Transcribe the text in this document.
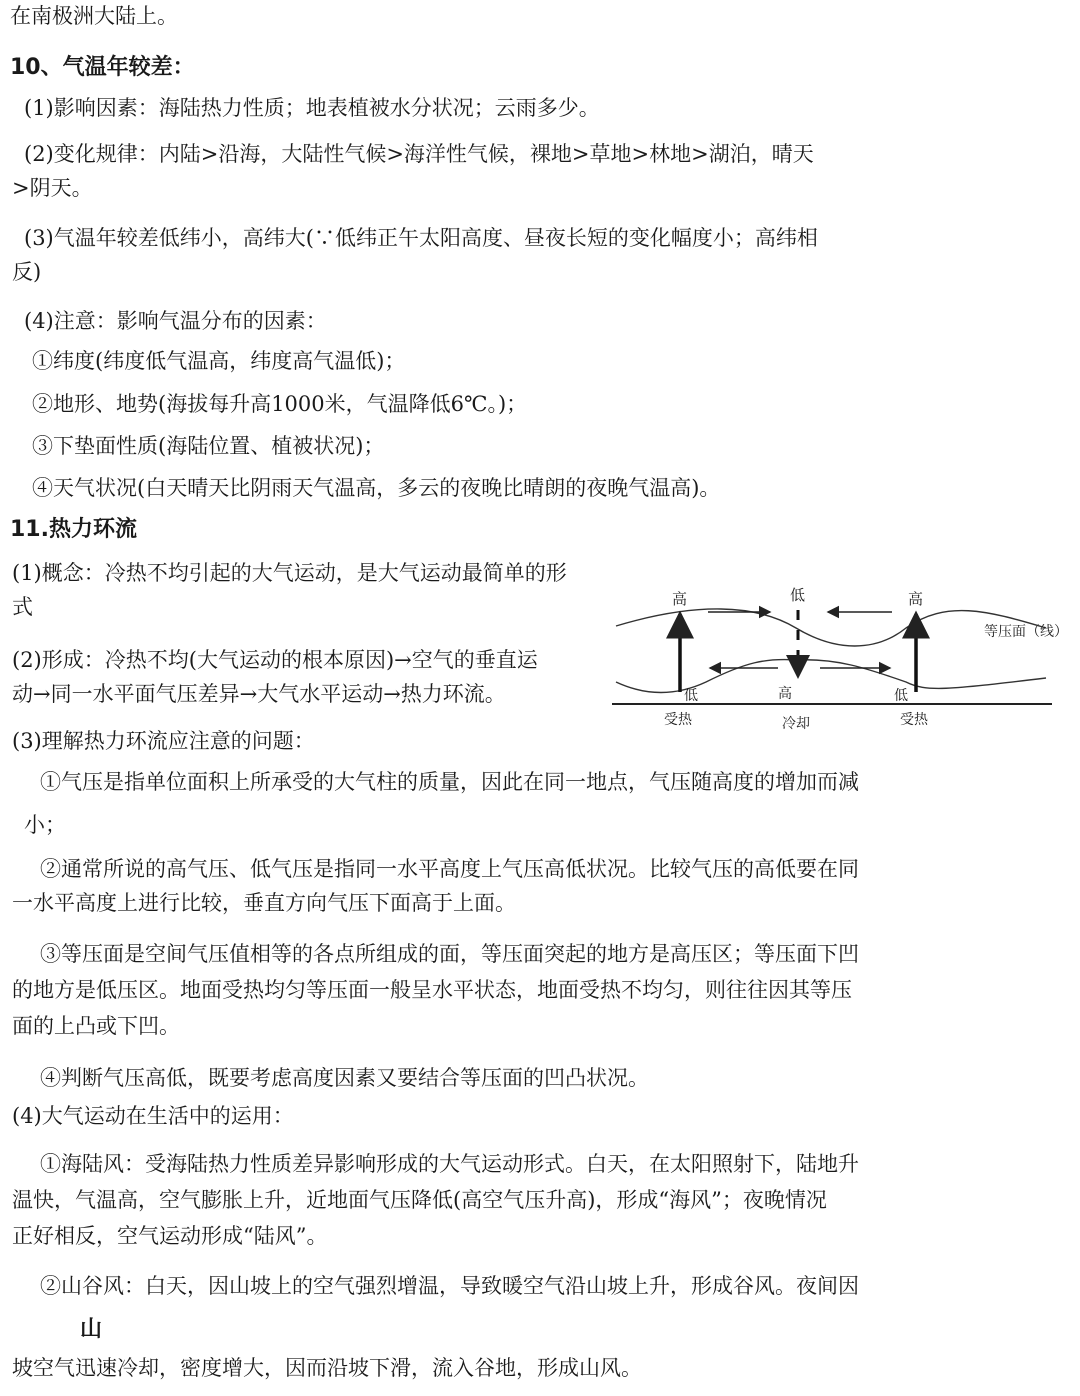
在南极洲大陆上。
10、气温年较差：
(1)影响因素：海陆热力性质；地表植被水分状况；云雨多少。
(2)变化规律：内陆>沿海，大陆性气候>海洋性气候，裸地>草地>林地>湖泊，晴天
>阴天。
(3)气温年较差低纬小，高纬大(∵低纬正午太阳高度、昼夜长短的变化幅度小；高纬相
反)
(4)注意：影响气温分布的因素：
①纬度(纬度低气温高，纬度高气温低)；
②地形、地势(海拔每升高1000米，气温降低6℃。)；
③下垫面性质(海陆位置、植被状况)；
④天气状况(白天晴天比阴雨天气温高，多云的夜晚比晴朗的夜晚气温高)。
11.热力环流
(1)概念：冷热不均引起的大气运动，是大气运动最简单的形
式
(2)形成：冷热不均(大气运动的根本原因)→空气的垂直运
动→同一水平面气压差异→大气水平运动→热力环流。
(3)理解热力环流应注意的问题：
①气压是指单位面积上所承受的大气柱的质量，因此在同一地点，气压随高度的增加而减
小；
②通常所说的高气压、低气压是指同一水平高度上气压高低状况。比较气压的高低要在同
一水平高度上进行比较，垂直方向气压下面高于上面。
③等压面是空间气压值相等的各点所组成的面，等压面突起的地方是高压区；等压面下凹
的地方是低压区。地面受热均匀等压面一般呈水平状态，地面受热不均匀，则往往因其等压
面的上凸或下凹。
④判断气压高低，既要考虑高度因素又要结合等压面的凹凸状况。
(4)大气运动在生活中的运用：
①海陆风：受海陆热力性质差异影响形成的大气运动形式。白天，在太阳照射下，陆地升
温快，气温高，空气膨胀上升，近地面气压降低(高空气压升高)，形成“海风”；夜晚情况
正好相反，空气运动形成“陆风”。
②山谷风：白天，因山坡上的空气强烈增温，导致暖空气沿山坡上升，形成谷风。夜间因
山
坡空气迅速冷却，密度增大，因而沿坡下滑，流入谷地，形成山风。
高	低	高
等压面（线）
低	高	低
受热	冷却	受热
